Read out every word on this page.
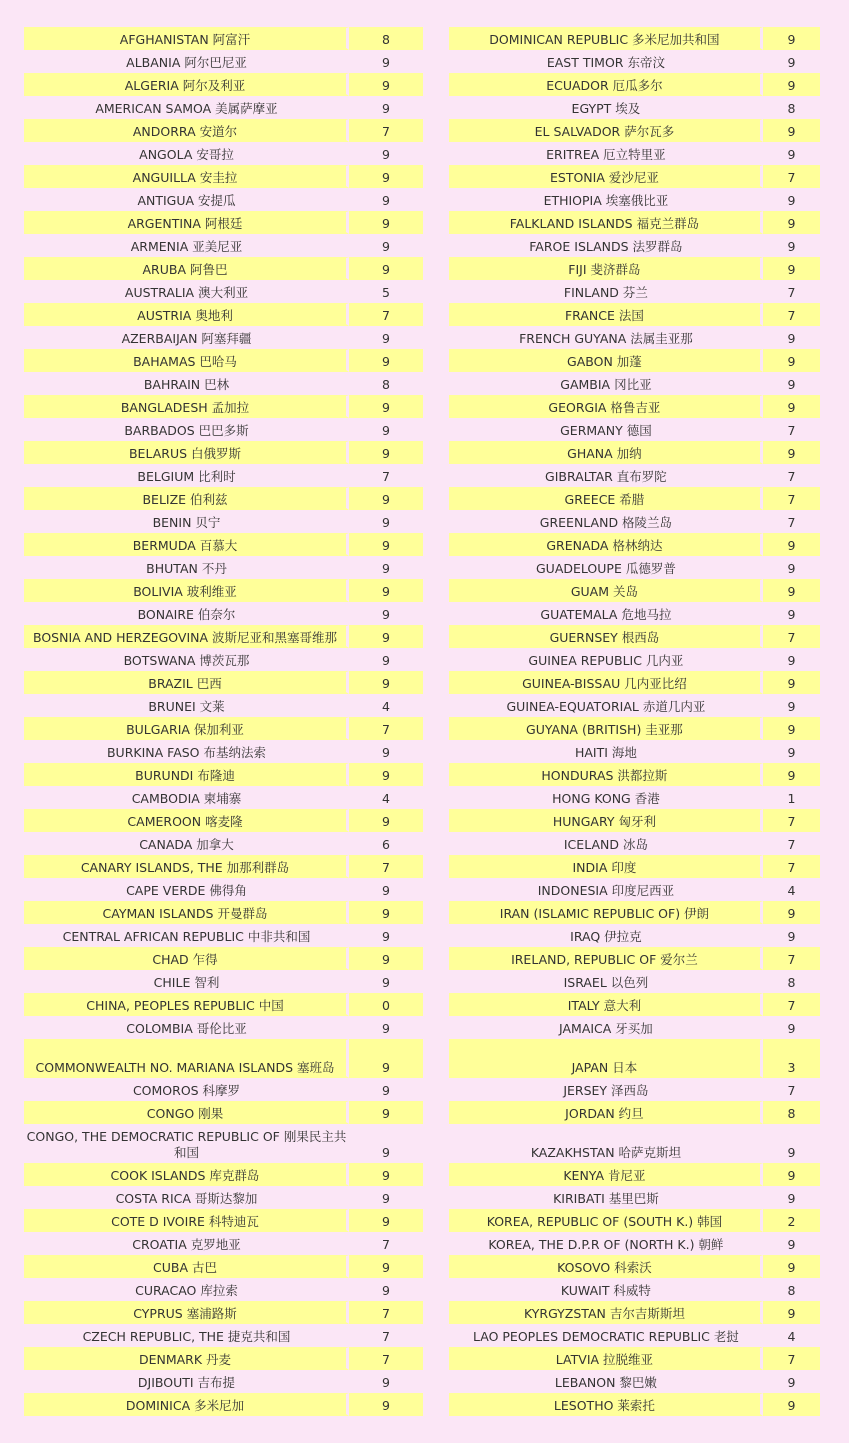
AFGHANISTAN 阿富汗	8
ALBANIA 阿尔巴尼亚	9
ALGERIA 阿尔及利亚	9
AMERICAN SAMOA 美属萨摩亚	9
ANDORRA 安道尔	7
ANGOLA 安哥拉	9
ANGUILLA 安圭拉	9
ANTIGUA 安提瓜	9
ARGENTINA 阿根廷	9
ARMENIA 亚美尼亚	9
ARUBA 阿鲁巴	9
AUSTRALIA 澳大利亚	5
AUSTRIA 奥地利	7
AZERBAIJAN 阿塞拜疆	9
BAHAMAS 巴哈马	9
BAHRAIN 巴林	8
BANGLADESH 孟加拉	9
BARBADOS 巴巴多斯	9
BELARUS 白俄罗斯	9
BELGIUM 比利时	7
BELIZE 伯利兹	9
BENIN 贝宁	9
BERMUDA 百慕大	9
BHUTAN 不丹	9
BOLIVIA 玻利维亚	9
BONAIRE 伯奈尔	9
BOSNIA AND HERZEGOVINA 波斯尼亚和黑塞哥维那	9
BOTSWANA 博茨瓦那	9
BRAZIL 巴西	9
BRUNEI 文莱	4
BULGARIA 保加利亚	7
BURKINA FASO 布基纳法索	9
BURUNDI 布隆迪	9
CAMBODIA 柬埔寨	4
CAMEROON 喀麦隆	9
CANADA 加拿大	6
CANARY ISLANDS, THE 加那利群岛	7
CAPE VERDE 佛得角	9
CAYMAN ISLANDS 开曼群岛	9
CENTRAL AFRICAN REPUBLIC 中非共和国	9
CHAD 乍得	9
CHILE 智利	9
CHINA, PEOPLES REPUBLIC 中国	0
COLOMBIA 哥伦比亚	9
COMMONWEALTH NO. MARIANA ISLANDS 塞班岛	9
COMOROS 科摩罗	9
CONGO 刚果	9
CONGO, THE DEMOCRATIC REPUBLIC OF 刚果民主共和国	9
COOK ISLANDS 库克群岛	9
COSTA RICA 哥斯达黎加	9
COTE D IVOIRE 科特迪瓦	9
CROATIA 克罗地亚	7
CUBA 古巴	9
CURACAO 库拉索	9
CYPRUS 塞浦路斯	7
CZECH REPUBLIC, THE 捷克共和国	7
DENMARK 丹麦	7
DJIBOUTI 吉布提	9
DOMINICA 多米尼加	9
DOMINICAN REPUBLIC 多米尼加共和国	9
EAST TIMOR 东帝汶	9
ECUADOR 厄瓜多尔	9
EGYPT 埃及	8
EL SALVADOR 萨尔瓦多	9
ERITREA 厄立特里亚	9
ESTONIA 爱沙尼亚	7
ETHIOPIA 埃塞俄比亚	9
FALKLAND ISLANDS 福克兰群岛	9
FAROE ISLANDS 法罗群岛	9
FIJI 斐济群岛	9
FINLAND 芬兰	7
FRANCE 法国	7
FRENCH GUYANA 法属圭亚那	9
GABON 加蓬	9
GAMBIA 冈比亚	9
GEORGIA 格鲁吉亚	9
GERMANY 德国	7
GHANA 加纳	9
GIBRALTAR 直布罗陀	7
GREECE 希腊	7
GREENLAND 格陵兰岛	7
GRENADA 格林纳达	9
GUADELOUPE 瓜德罗普	9
GUAM 关岛	9
GUATEMALA 危地马拉	9
GUERNSEY 根西岛	7
GUINEA REPUBLIC 几内亚	9
GUINEA-BISSAU 几内亚比绍	9
GUINEA-EQUATORIAL 赤道几内亚	9
GUYANA (BRITISH) 圭亚那	9
HAITI 海地	9
HONDURAS 洪都拉斯	9
HONG KONG 香港	1
HUNGARY 匈牙利	7
ICELAND 冰岛	7
INDIA 印度	7
INDONESIA 印度尼西亚	4
IRAN (ISLAMIC REPUBLIC OF) 伊朗	9
IRAQ 伊拉克	9
IRELAND, REPUBLIC OF 爱尔兰	7
ISRAEL 以色列	8
ITALY 意大利	7
JAMAICA 牙买加	9
JAPAN 日本	3
JERSEY 泽西岛	7
JORDAN 约旦	8
KAZAKHSTAN 哈萨克斯坦	9
KENYA 肯尼亚	9
KIRIBATI 基里巴斯	9
KOREA, REPUBLIC OF (SOUTH K.) 韩国	2
KOREA, THE D.P.R OF (NORTH K.) 朝鲜	9
KOSOVO 科索沃	9
KUWAIT 科威特	8
KYRGYZSTAN 吉尔吉斯斯坦	9
LAO PEOPLES DEMOCRATIC REPUBLIC 老挝	4
LATVIA 拉脱维亚	7
LEBANON 黎巴嫩	9
LESOTHO 莱索托	9
